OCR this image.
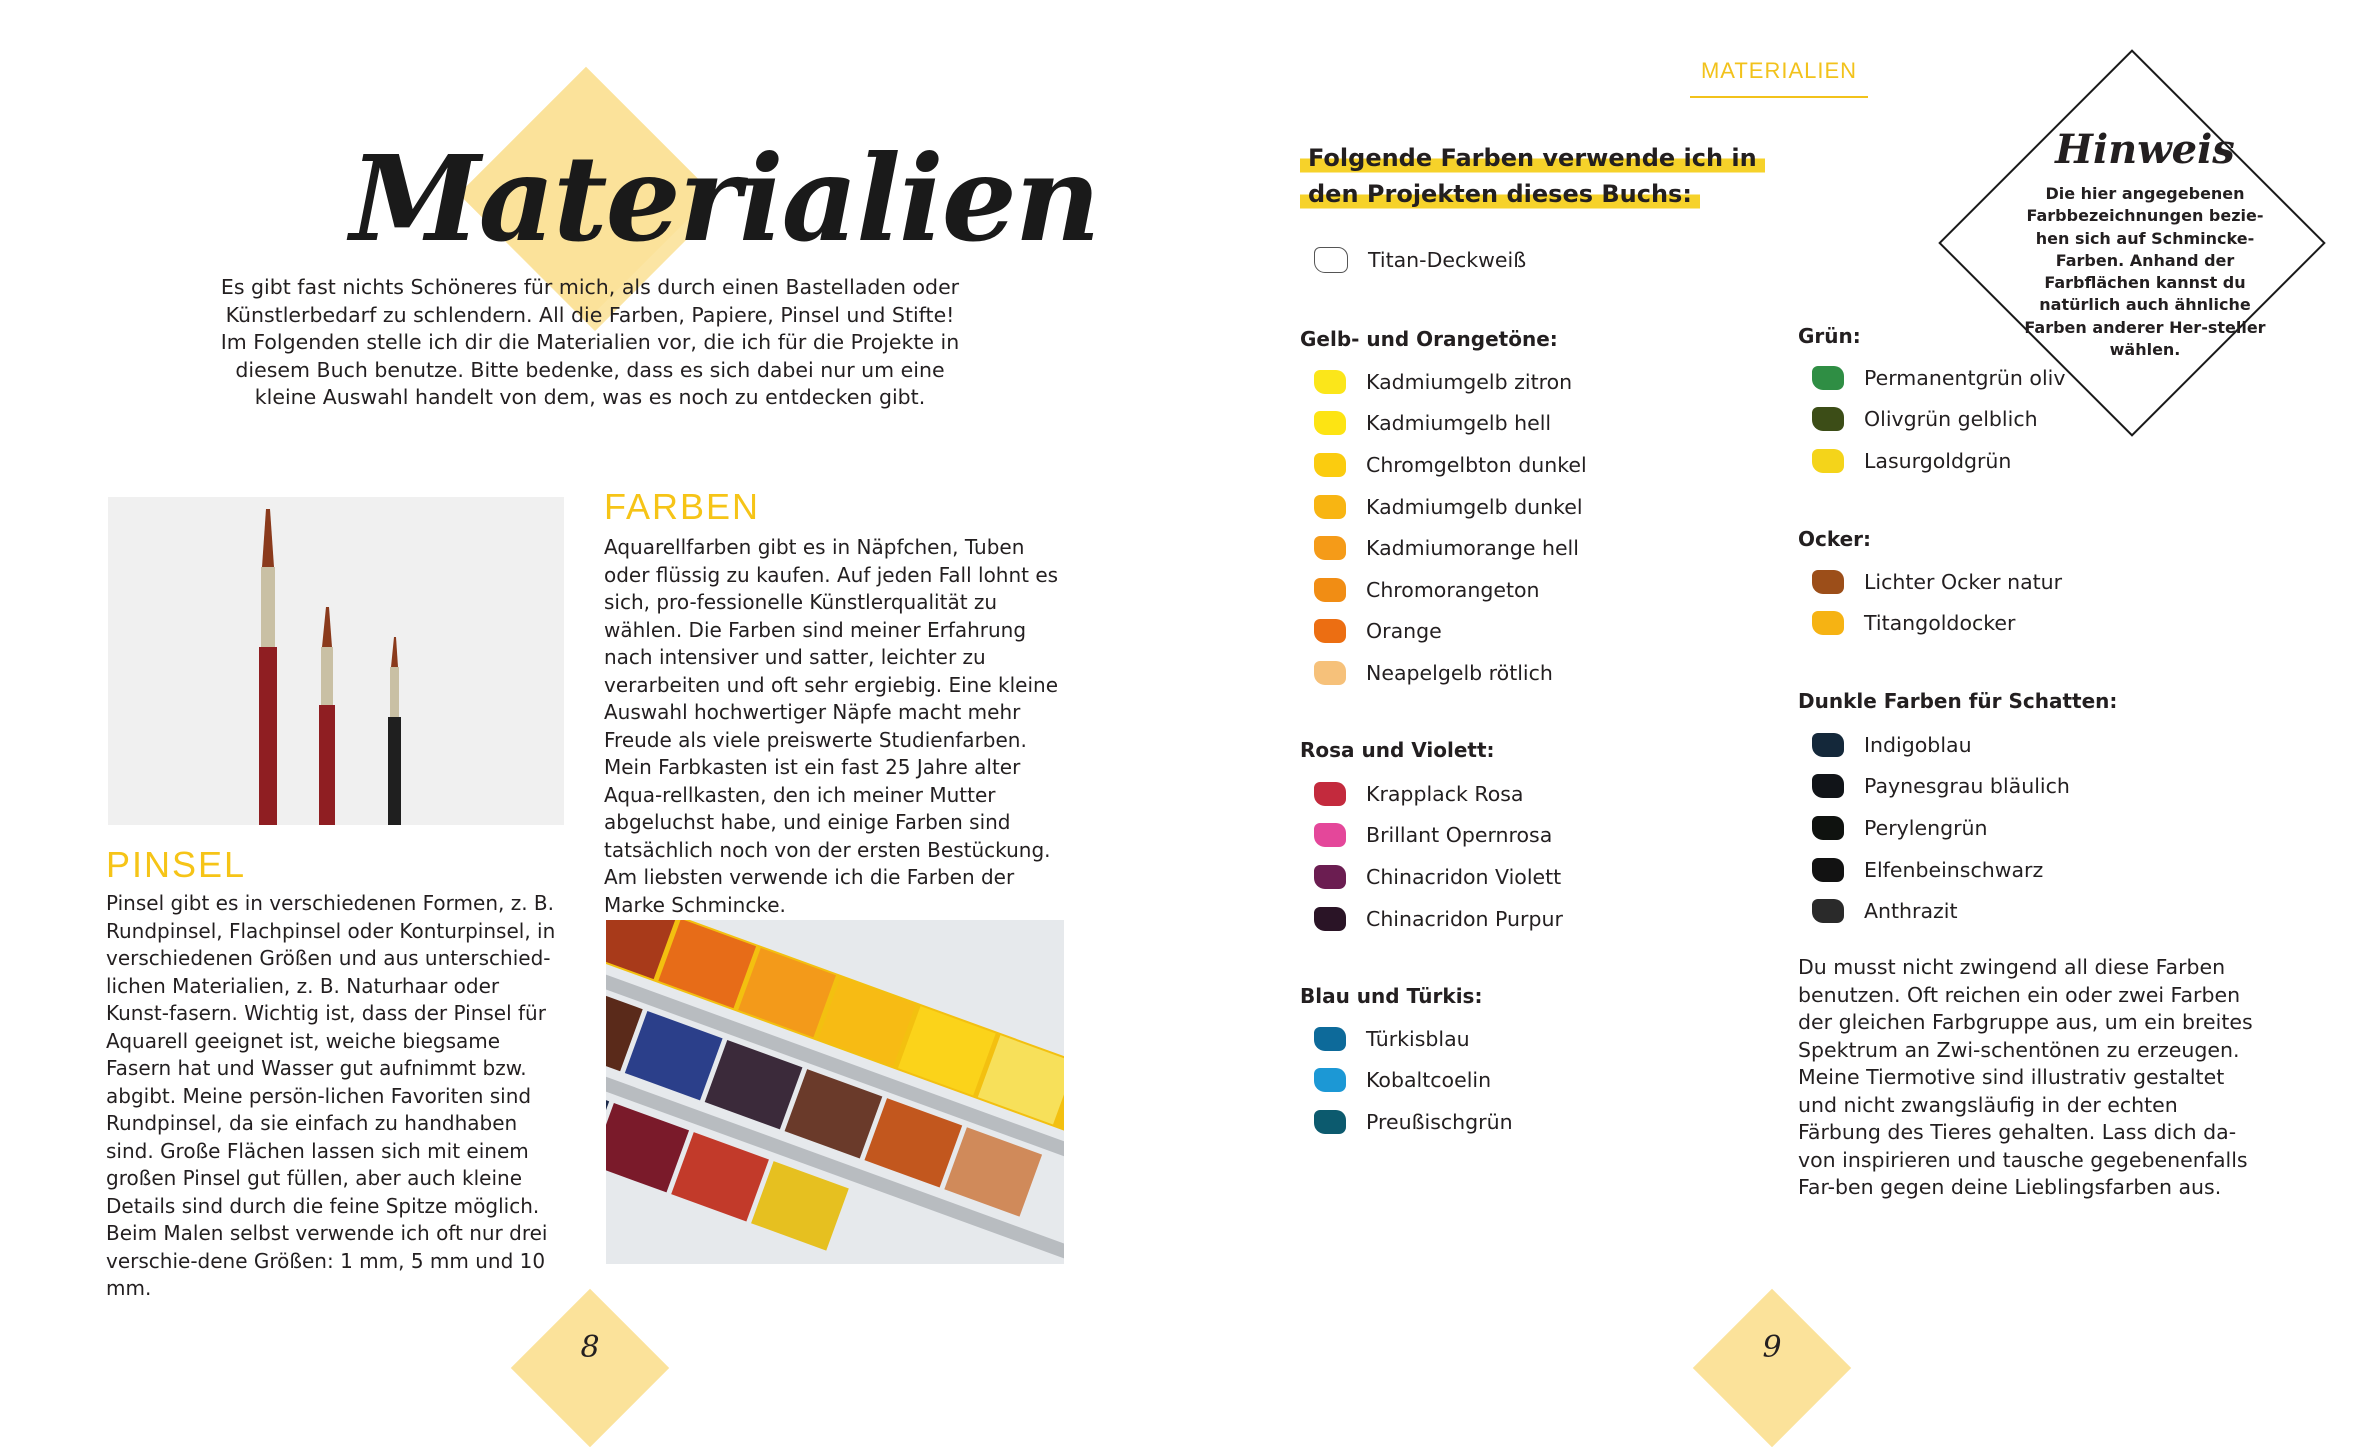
Materialien
Es gibt fast nichts Schöneres für mich, als durch einen Bastelladen oder Künstlerbedarf zu schlendern. All die Farben, Papiere, Pinsel und Stifte! Im Folgenden stelle ich dir die Materialien vor, die ich für die Projekte in diesem Buch benutze. Bitte bedenke, dass es sich dabei nur um eine kleine Auswahl handelt von dem, was es noch zu entdecken gibt.
FARBEN
Aquarellfarben gibt es in Näpfchen, Tuben oder flüssig zu kaufen. Auf jeden Fall lohnt es sich, pro-fessionelle Künstlerqualität zu wählen. Die Farben sind meiner Erfahrung nach intensiver und satter, leichter zu verarbeiten und oft sehr ergiebig. Eine kleine Auswahl hochwertiger Näpfe macht mehr Freude als viele preiswerte Studienfarben. Mein Farbkasten ist ein fast 25 Jahre alter Aqua-rellkasten, den ich meiner Mutter abgeluchst habe, und einige Farben sind tatsächlich noch von der ersten Bestückung. Am liebsten verwende ich die Farben der Marke Schmincke.
PINSEL
Pinsel gibt es in verschiedenen Formen, z. B. Rundpinsel, Flachpinsel oder Konturpinsel, in verschiedenen Größen und aus unterschied-lichen Materialien, z. B. Naturhaar oder Kunst-fasern. Wichtig ist, dass der Pinsel für Aquarell geeignet ist, weiche biegsame Fasern hat und Wasser gut aufnimmt bzw. abgibt. Meine persön-lichen Favoriten sind Rundpinsel, da sie einfach zu handhaben sind. Große Flächen lassen sich mit einem großen Pinsel gut füllen, aber auch kleine Details sind durch die feine Spitze möglich. Beim Malen selbst verwende ich oft nur drei verschie-dene Größen: 1 mm, 5 mm und 10 mm.
8
MATERIALIEN
Folgende Farben verwende ich in
den Projekten dieses Buchs:
Titan-Deckweiß
Gelb- und Orangetöne:
Kadmiumgelb zitron
Kadmiumgelb hell
Chromgelbton dunkel
Kadmiumgelb dunkel
Kadmiumorange hell
Chromorangeton
Orange
Neapelgelb rötlich
Rosa und Violett:
Krapplack Rosa
Brillant Opernrosa
Chinacridon Violett
Chinacridon Purpur
Blau und Türkis:
Türkisblau
Kobaltcoelin
Preußischgrün
Grün:
Permanentgrün oliv
Olivgrün gelblich
Lasurgoldgrün
Ocker:
Lichter Ocker natur
Titangoldocker
Dunkle Farben für Schatten:
Indigoblau
Paynesgrau bläulich
Perylengrün
Elfenbeinschwarz
Anthrazit
Du musst nicht zwingend all diese Farben benutzen. Oft reichen ein oder zwei Farben der gleichen Farbgruppe aus, um ein breites Spektrum an Zwi-schentönen zu erzeugen. Meine Tiermotive sind illustrativ gestaltet und nicht zwangsläufig in der echten Färbung des Tieres gehalten. Lass dich da-von inspirieren und tausche gegebenenfalls Far-ben gegen deine Lieblingsfarben aus.
Hinweis
Die hier angegebenen Farbbezeichnungen bezie-hen sich auf Schmincke-Farben. Anhand der Farbflächen kannst du natürlich auch ähnliche Farben anderer Her-steller wählen.
9
